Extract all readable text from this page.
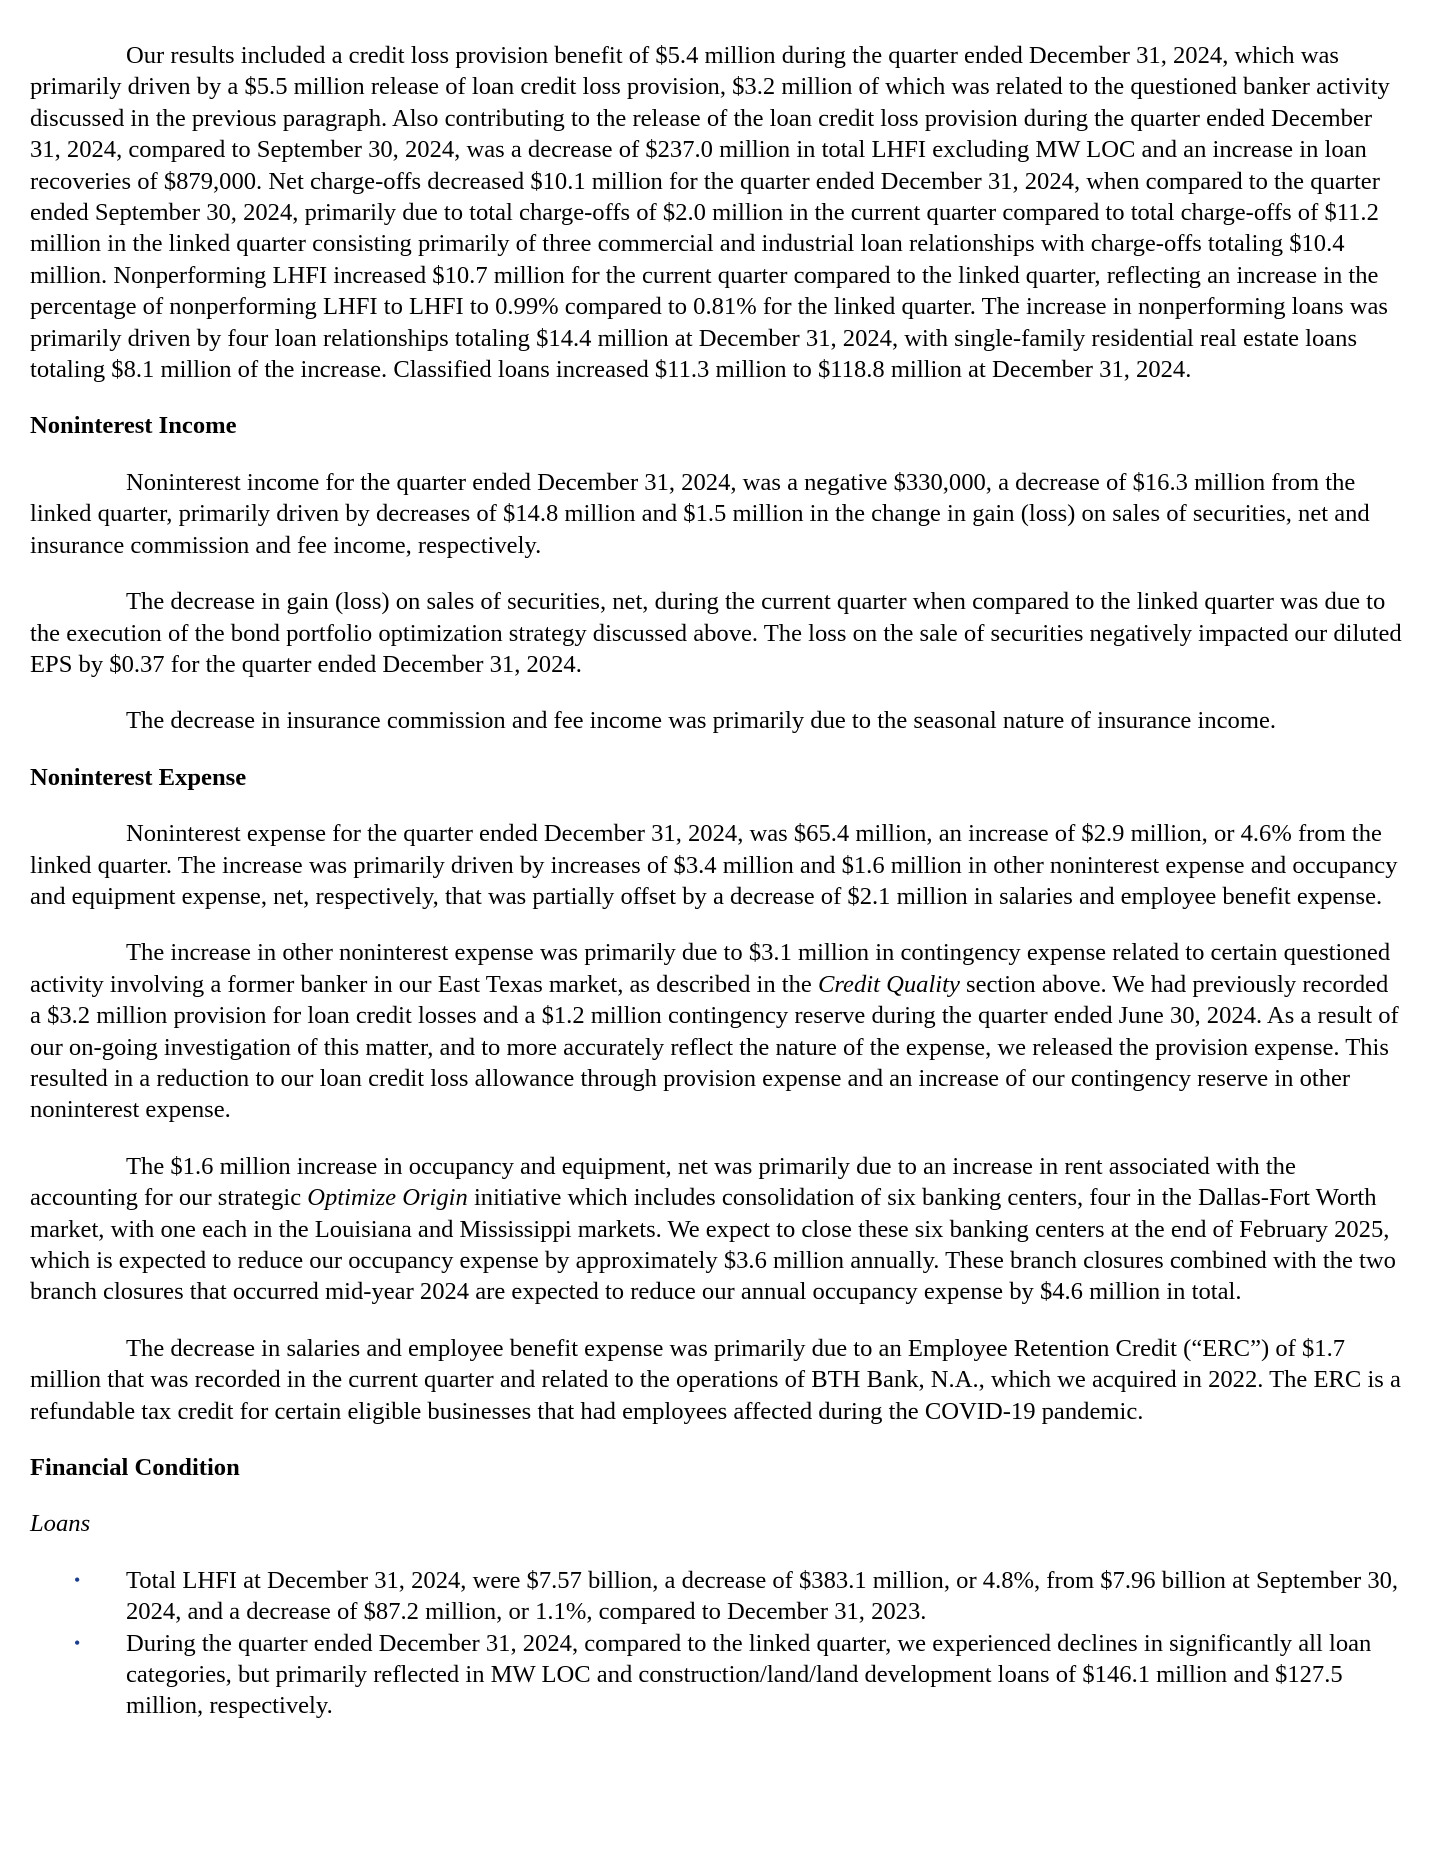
Our results included a credit loss provision benefit of $5.4 million during the quarter ended December 31, 2024, which was primarily driven by a $5.5 million release of loan credit loss provision, $3.2 million of which was related to the questioned banker activity discussed in the previous paragraph. Also contributing to the release of the loan credit loss provision during the quarter ended December 31, 2024, compared to September 30, 2024, was a decrease of $237.0 million in total LHFI excluding MW LOC and an increase in loan recoveries of $879,000. Net charge-offs decreased $10.1 million for the quarter ended December 31, 2024, when compared to the quarter ended September 30, 2024, primarily due to total charge-offs of $2.0 million in the current quarter compared to total charge-offs of $11.2 million in the linked quarter consisting primarily of three commercial and industrial loan relationships with charge-offs totaling $10.4 million. Nonperforming LHFI increased $10.7 million for the current quarter compared to the linked quarter, reflecting an increase in the percentage of nonperforming LHFI to LHFI to 0.99% compared to 0.81% for the linked quarter. The increase in nonperforming loans was primarily driven by four loan relationships totaling $14.4 million at December 31, 2024, with single-family residential real estate loans totaling $8.1 million of the increase. Classified loans increased $11.3 million to $118.8 million at December 31, 2024.

Noninterest Income

Noninterest income for the quarter ended December 31, 2024, was a negative $330,000, a decrease of $16.3 million from the linked quarter, primarily driven by decreases of $14.8 million and $1.5 million in the change in gain (loss) on sales of securities, net and insurance commission and fee income, respectively.

The decrease in gain (loss) on sales of securities, net, during the current quarter when compared to the linked quarter was due to the execution of the bond portfolio optimization strategy discussed above. The loss on the sale of securities negatively impacted our diluted EPS by $0.37 for the quarter ended December 31, 2024.

The decrease in insurance commission and fee income was primarily due to the seasonal nature of insurance income.

Noninterest Expense

Noninterest expense for the quarter ended December 31, 2024, was $65.4 million, an increase of $2.9 million, or 4.6% from the linked quarter. The increase was primarily driven by increases of $3.4 million and $1.6 million in other noninterest expense and occupancy and equipment expense, net, respectively, that was partially offset by a decrease of $2.1 million in salaries and employee benefit expense.

The increase in other noninterest expense was primarily due to $3.1 million in contingency expense related to certain questioned activity involving a former banker in our East Texas market, as described in the Credit Quality section above. We had previously recorded a $3.2 million provision for loan credit losses and a $1.2 million contingency reserve during the quarter ended June 30, 2024. As a result of our on-going investigation of this matter, and to more accurately reflect the nature of the expense, we released the provision expense. This resulted in a reduction to our loan credit loss allowance through provision expense and an increase of our contingency reserve in other noninterest expense.

The $1.6 million increase in occupancy and equipment, net was primarily due to an increase in rent associated with the accounting for our strategic Optimize Origin initiative which includes consolidation of six banking centers, four in the Dallas-Fort Worth market, with one each in the Louisiana and Mississippi markets. We expect to close these six banking centers at the end of February 2025, which is expected to reduce our occupancy expense by approximately $3.6 million annually. These branch closures combined with the two branch closures that occurred mid-year 2024 are expected to reduce our annual occupancy expense by $4.6 million in total.

The decrease in salaries and employee benefit expense was primarily due to an Employee Retention Credit (“ERC”) of $1.7 million that was recorded in the current quarter and related to the operations of BTH Bank, N.A., which we acquired in 2022. The ERC is a refundable tax credit for certain eligible businesses that had employees affected during the COVID-19 pandemic.

Financial Condition
Loans
• Total LHFI at December 31, 2024, were $7.57 billion, a decrease of $383.1 million, or 4.8%, from $7.96 billion at September 30, 2024, and a decrease of $87.2 million, or 1.1%, compared to December 31, 2023.
• During the quarter ended December 31, 2024, compared to the linked quarter, we experienced declines in significantly all loan categories, but primarily reflected in MW LOC and construction/land/land development loans of $146.1 million and $127.5 million, respectively.
